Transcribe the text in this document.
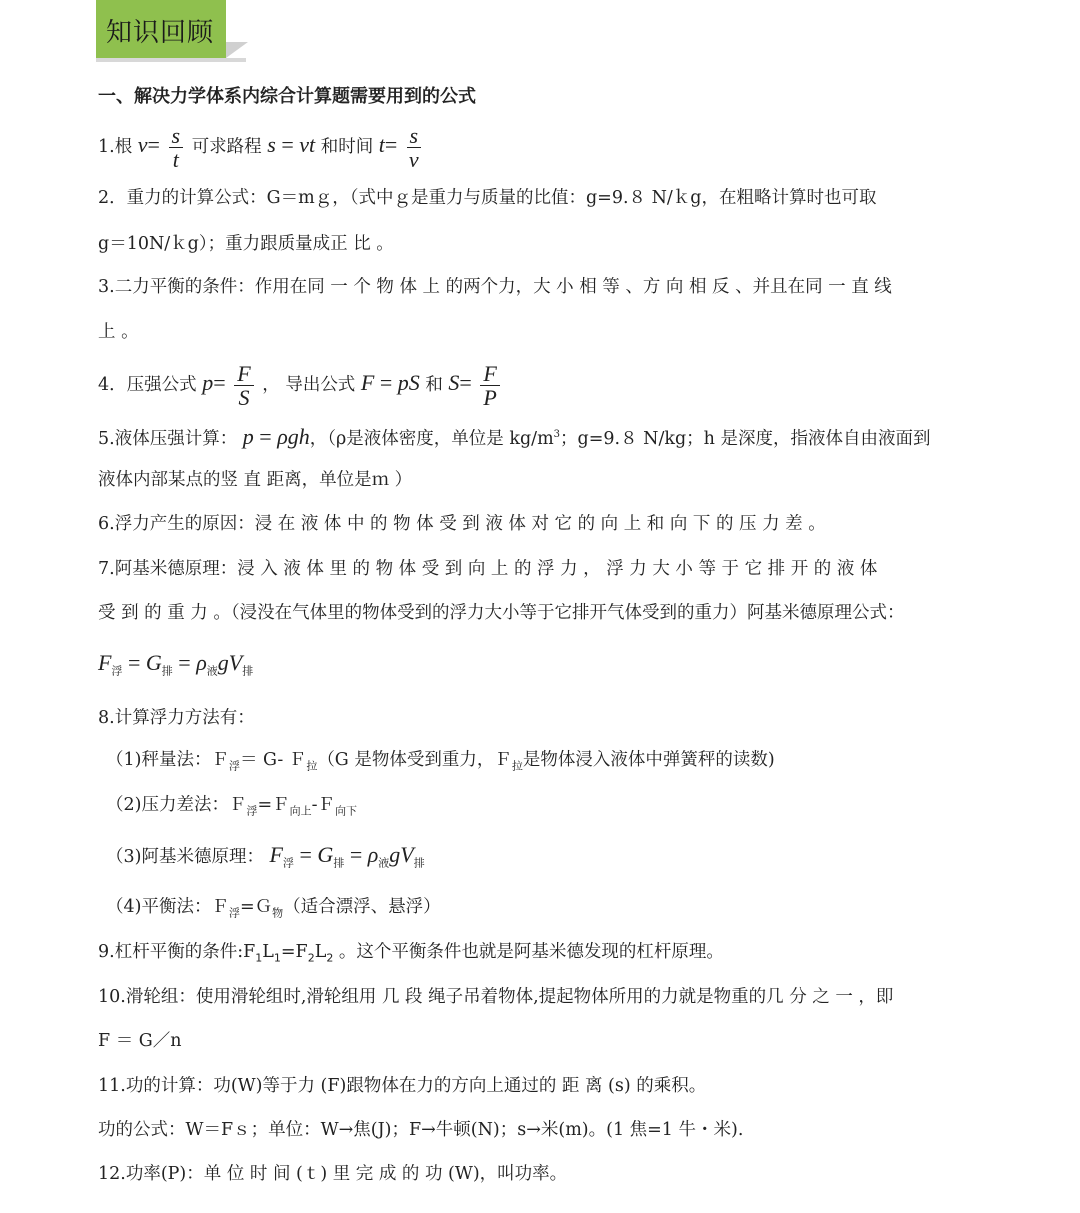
知识回顾
一、解决力学体系内综合计算题需要用到的公式
1.根 $v= \frac{s}{t}$ 可求路程 s = vt 和时间 $t= \frac{s}{v}$
2．重力的计算公式：G＝mｇ，（式中ｇ是重力与质量的比值：g=9.８ N/ｋg，在粗略计算时也可取
g＝10N/ｋg）；重力跟质量成正 比 。
3.二力平衡的条件：作用在同 一 个 物 体 上 的两个力，大 小 相 等 、方 向 相 反 、并且在同 一 直 线
上 。
4．压强公式 $p= \frac{F}{S}$ ， 导出公式 F = pS 和 $S= \frac{F}{P}$
5.液体压强计算： p = ρgh，（ρ是液体密度，单位是 $kg/m^3$；g=9.８ N/kg；h 是深度，指液体自由液面到
液体内部某点的竖 直 距离，单位是ｍ ）
6.浮力产生的原因：浸 在 液 体 中 的 物 体 受 到 液 体 对 它 的 向 上 和 向 下 的 压 力 差 。
7.阿基米德原理：浸 入 液 体 里 的 物 体 受 到 向 上 的 浮 力 ， 浮 力 大 小 等 于 它 排 开 的 液 体
受 到 的 重 力 。（浸没在气体里的物体受到的浮力大小等于它排开气体受到的重力）阿基米德原理公式：
$F_浮 = G_排 = \rho_液gV_排$
8.计算浮力方法有：
（1)秤量法：Ｆ$_浮$＝ G- Ｆ$_拉$（G 是物体受到重力，Ｆ$_拉$是物体浸入液体中弹簧秤的读数)
（2)压力差法：Ｆ$_浮$=Ｆ$_{向上}$-Ｆ$_{向下}$
（3)阿基米德原理： $F_浮 = G_排 = \rho_液gV_排$
（4)平衡法：Ｆ$_浮$=Ｇ$_物$（适合漂浮、悬浮）
9.杠杆平衡的条件$:F_1L_1=F_2L_2$ 。这个平衡条件也就是阿基米德发现的杠杆原理。
10.滑轮组：使用滑轮组时,滑轮组用 几 段 绳子吊着物体,提起物体所用的力就是物重的几 分 之 一 ，即
F ＝ G／n
11.功的计算：功(W)等于力 (F)跟物体在力的方向上通过的 距 离 (s) 的乘积。
功的公式：W＝Fｓ；单位：W→焦(J)；F→牛顿(N)；s→米(m)。(1 焦=1 牛・米).
12.功率(P)：单 位 时 间 (ｔ) 里 完 成 的 功 (W)，叫功率。
